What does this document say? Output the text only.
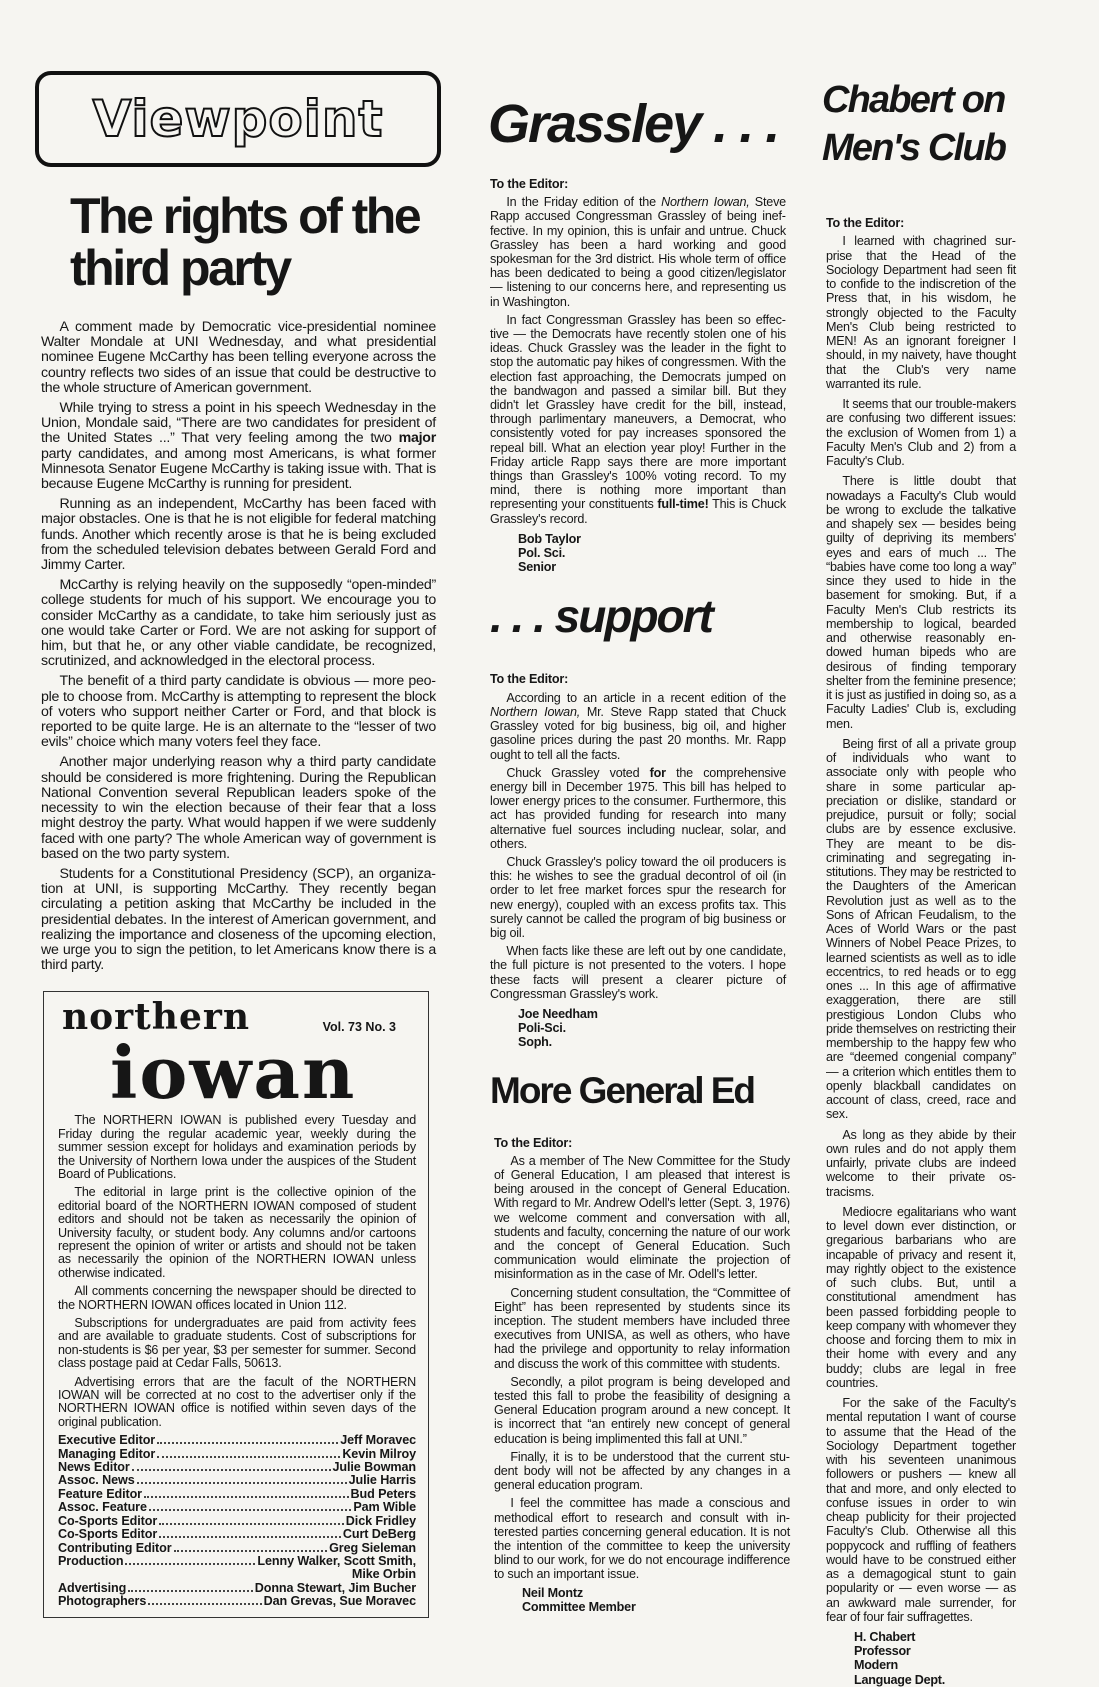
Viewpoint
The rights of the third party

A comment made by Democratic vice-presidential nominee Walter Mondale at UNI Wednesday, and what presidential nominee Eugene McCarthy has been telling everyone across the country reflects two sides of an issue that could be destructive to the whole structure of American government.

While trying to stress a point in his speech Wednesday in the Union, Mondale said, “There are two candidates for president of the United States ...” That very feeling among the two major party candidates, and among most Americans, is what former Minnesota Senator Eugene McCarthy is taking issue with. That is because Eugene McCarthy is running for president.

Running as an independent, McCarthy has been faced with major obstacles. One is that he is not eligible for federal matching funds. Another which recently arose is that he is being excluded from the scheduled television debates between Gerald Ford and Jimmy Carter.

McCarthy is relying heavily on the supposedly “open-minded” college students for much of his support. We encourage you to consider McCarthy as a candidate, to take him seriously just as one would take Carter or Ford. We are not asking for support of him, but that he, or any other viable candidate, be recognized, scrutinized, and acknowledged in the electoral process.

The benefit of a third party candidate is obvious — more people to choose from. McCarthy is attempting to represent the block of voters who support neither Carter or Ford, and that block is reported to be quite large. He is an alternate to the “lesser of two evils” choice which many voters feel they face.

Another major underlying reason why a third party candidate should be considered is more frightening. During the Republican National Convention several Republican leaders spoke of the necessity to win the election because of their fear that a loss might destroy the party. What would happen if we were suddenly faced with one party? The whole American way of government is based on the two party system.

Students for a Constitutional Presidency (SCP), an organization at UNI, is supporting McCarthy. They recently began circulating a petition asking that McCarthy be included in the presidential debates. In the interest of American government, and realizing the importance and closeness of the upcoming election, we urge you to sign the petition, to let Americans know there is a third party.

northern	Vol. 73 No. 3
iowan

The NORTHERN IOWAN is published every Tuesday and Friday during the regular academic year, weekly during the summer session except for holidays and examination periods by the University of Northern Iowa under the auspices of the Student Board of Publications.

The editorial in large print is the collective opinion of the editorial board of the NORTHERN IOWAN composed of student editors and should not be taken as necessarily the opinion of University faculty, or student body. Any columns and/or cartoons represent the opinion of writer or artists and should not be taken as necessarily the opinion of the NORTHERN IOWAN unless otherwise indicated.

All comments concerning the newspaper should be directed to the NORTHERN IOWAN offices located in Union 112.

Subscriptions for undergraduates are paid from activity fees and are available to graduate students. Cost of subscriptions for non-students is $6 per year, $3 per semester for summer. Second class postage paid at Cedar Falls, 50613.

Advertising errors that are the facult of the NORTHERN IOWAN will be corrected at no cost to the advertiser only if the NORTHERN IOWAN office is notified within seven days of the original publication.

Executive Editor	Jeff Moravec
Managing Editor	Kevin Milroy
News Editor	Julie Bowman
Assoc. News	Julie Harris
Feature Editor	Bud Peters
Assoc. Feature	Pam Wible
Co-Sports Editor	Dick Fridley
Co-Sports Editor	Curt DeBerg
Contributing Editor	Greg Sieleman
Production	Lenny Walker, Scott Smith,
Mike Orbin
Advertising	Donna Stewart, Jim Bucher
Photographers	Dan Grevas, Sue Moravec
Grassley . . .
To the Editor:

In the Friday edition of the Northern Iowan, Steve Rapp accused Congressman Grassley of being ineffective. In my opinion, this is unfair and untrue. Chuck Grassley has been a hard working and good spokesman for the 3rd district. His whole term of office has been dedicated to being a good citizen/legislator — listening to our concerns here, and representing us in Washington.

In fact Congressman Grassley has been so effective — the Democrats have recently stolen one of his ideas. Chuck Grassley was the leader in the fight to stop the automatic pay hikes of congressmen. With the election fast approaching, the Democrats jumped on the bandwagon and passed a similar bill. But they didn't let Grassley have credit for the bill, instead, through parlimentary maneuvers, a Democrat, who consistently voted for pay increases sponsored the repeal bill. What an election year ploy! Further in the Friday article Rapp says there are more important things than Grassley's 100% voting record. To my mind, there is nothing more important than representing your constituents full-time! This is Chuck Grassley's record.

Bob Taylor
Pol. Sci.
Senior
. . . support
To the Editor:

According to an article in a recent edition of the Northern Iowan, Mr. Steve Rapp stated that Chuck Grassley voted for big business, big oil, and higher gasoline prices during the past 20 months. Mr. Rapp ought to tell all the facts.

Chuck Grassley voted for the comprehensive energy bill in December 1975. This bill has helped to lower energy prices to the consumer. Furthermore, this act has provided funding for research into many alternative fuel sources including nuclear, solar, and others.

Chuck Grassley's policy toward the oil producers is this: he wishes to see the gradual decontrol of oil (in order to let free market forces spur the research for new energy), coupled with an excess profits tax. This surely cannot be called the program of big business or big oil.

When facts like these are left out by one candidate, the full picture is not presented to the voters. I hope these facts will present a clearer picture of Congressman Grassley's work.

Joe Needham
Poli-Sci.
Soph.
More General Ed
To the Editor:

As a member of The New Committee for the Study of General Education, I am pleased that interest is being aroused in the concept of General Education. With regard to Mr. Andrew Odell's letter (Sept. 3, 1976) we welcome comment and conversation with all, students and faculty, concerning the nature of our work and the concept of General Education. Such communication would eliminate the projection of misinformation as in the case of Mr. Odell's letter.

Concerning student consultation, the “Committee of Eight” has been represented by students since its inception. The student members have included three executives from UNISA, as well as others, who have had the privilege and opportunity to relay information and discuss the work of this committee with students.

Secondly, a pilot program is being developed and tested this fall to probe the feasibility of designing a General Education program around a new concept. It is incorrect that “an entirely new concept of general education is being implimented this fall at UNI.”

Finally, it is to be understood that the current student body will not be affected by any changes in a general education program.

I feel the committee has made a conscious and methodical effort to research and consult with interested parties concerning general education. It is not the intention of the committee to keep the university blind to our work, for we do not encourage indifference to such an important issue.

Neil Montz
Committee Member
Chabert on
Men's Club
To the Editor:

I learned with chagrined surprise that the Head of the Sociology Department had seen fit to confide to the indiscretion of the Press that, in his wisdom, he strongly objected to the Faculty Men's Club being restricted to MEN! As an ignorant foreigner I should, in my naivety, have thought that the Club's very name warranted its rule.

It seems that our trouble-makers are confusing two different issues: the exclusion of Women from 1) a Faculty Men's Club and 2) from a Faculty's Club.

There is little doubt that nowadays a Faculty's Club would be wrong to exclude the talkative and shapely sex — besides being guilty of depriving its members' eyes and ears of much ... The “babies have come too long a way” since they used to hide in the basement for smoking. But, if a Faculty Men's Club restricts its membership to logical, bearded and otherwise reasonably endowed human bipeds who are desirous of finding temporary shelter from the feminine presence; it is just as justified in doing so, as a Faculty Ladies' Club is, excluding men.

Being first of all a private group of individuals who want to associate only with people who share in some particular appreciation or dislike, standard or prejudice, pursuit or folly; social clubs are by essence exclusive. They are meant to be discriminating and segregating institutions. They may be restricted to the Daughters of the American Revolution just as well as to the Sons of African Feudalism, to the Aces of World Wars or the past Winners of Nobel Peace Prizes, to learned scientists as well as to idle eccentrics, to red heads or to egg ones ... In this age of affirmative exaggeration, there are still prestigious London Clubs who pride themselves on restricting their membership to the happy few who are “deemed congenial company” — a criterion which entitles them to openly blackball candidates on account of class, creed, race and sex.

As long as they abide by their own rules and do not apply them unfairly, private clubs are indeed welcome to their private ostracisms.

Mediocre egalitarians who want to level down ever distinction, or gregarious barbarians who are incapable of privacy and resent it, may rightly object to the existence of such clubs. But, until a constitutional amendment has been passed forbidding people to keep company with whomever they choose and forcing them to mix in their home with every and any buddy; clubs are legal in free countries.

For the sake of the Faculty's mental reputation I want of course to assume that the Head of the Sociology Department together with his seventeen unanimous followers or pushers — knew all that and more, and only elected to confuse issues in order to win cheap publicity for their projected Faculty's Club. Otherwise all this poppycock and ruffling of feathers would have to be construed either as a demagogical stunt to gain popularity or — even worse — as an awkward male surrender, for fear of four fair suffragettes.

H. Chabert
Professor
Modern
Language Dept.
